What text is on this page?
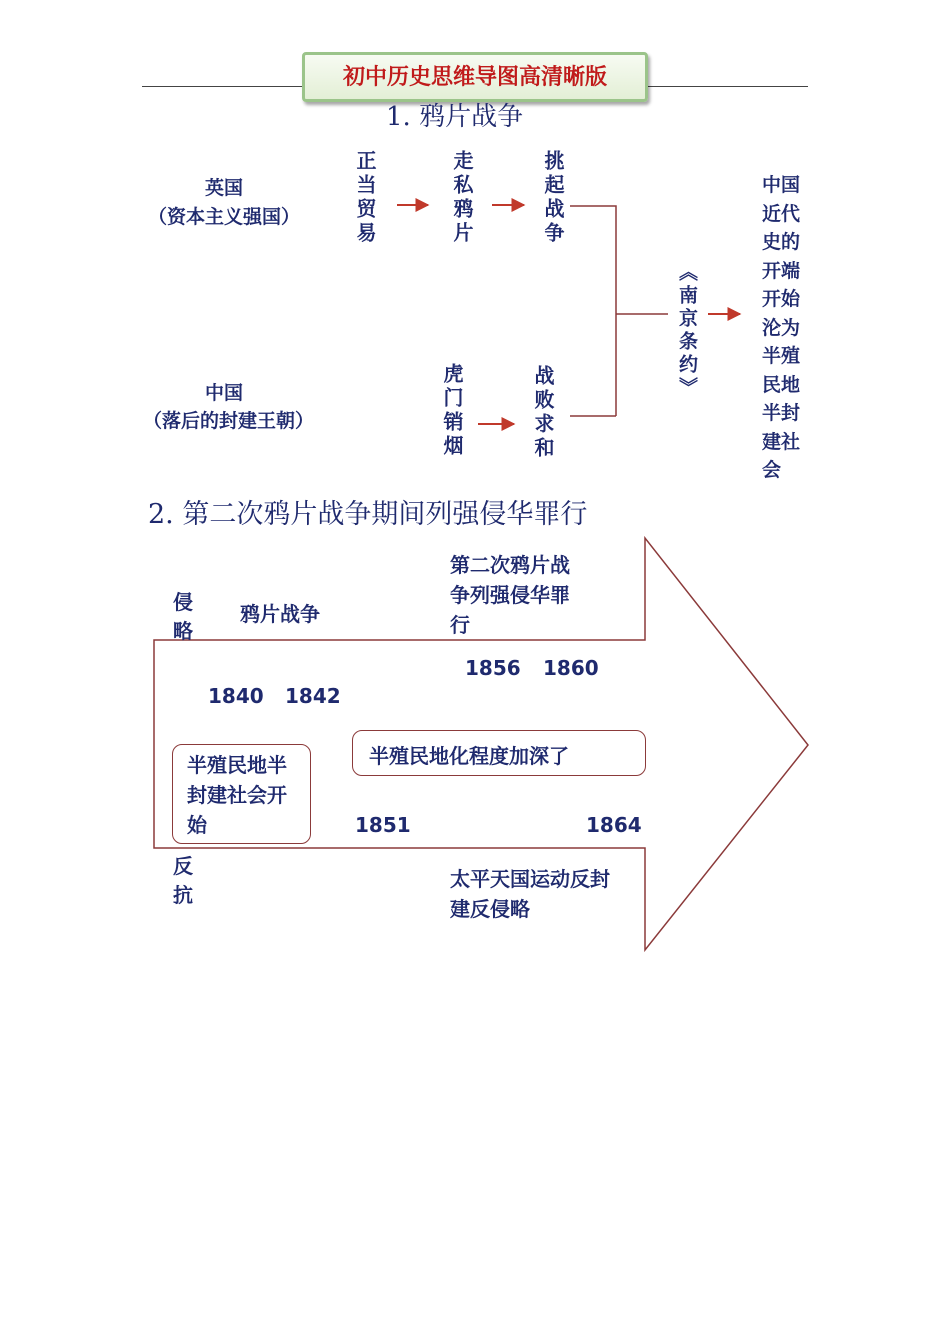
初中历史思维导图高清晰版
1. 鸦片战争
英国
（资本主义强国）
中国
（落后的封建王朝）
正当贸易	走私鸦片	挑起战争
虎门销烟	战败求和
《南京条约》
中国近代史的开端
开始沦为半殖民地半封建社会
2. 第二次鸦片战争期间列强侵华罪行
侵略
鸦片战争
第二次鸦片战争列强侵华罪行
1856 1860
1840 1842
半殖民地半封建社会开始
半殖民地化程度加深了
1851	1864
反抗
太平天国运动反封建反侵略
